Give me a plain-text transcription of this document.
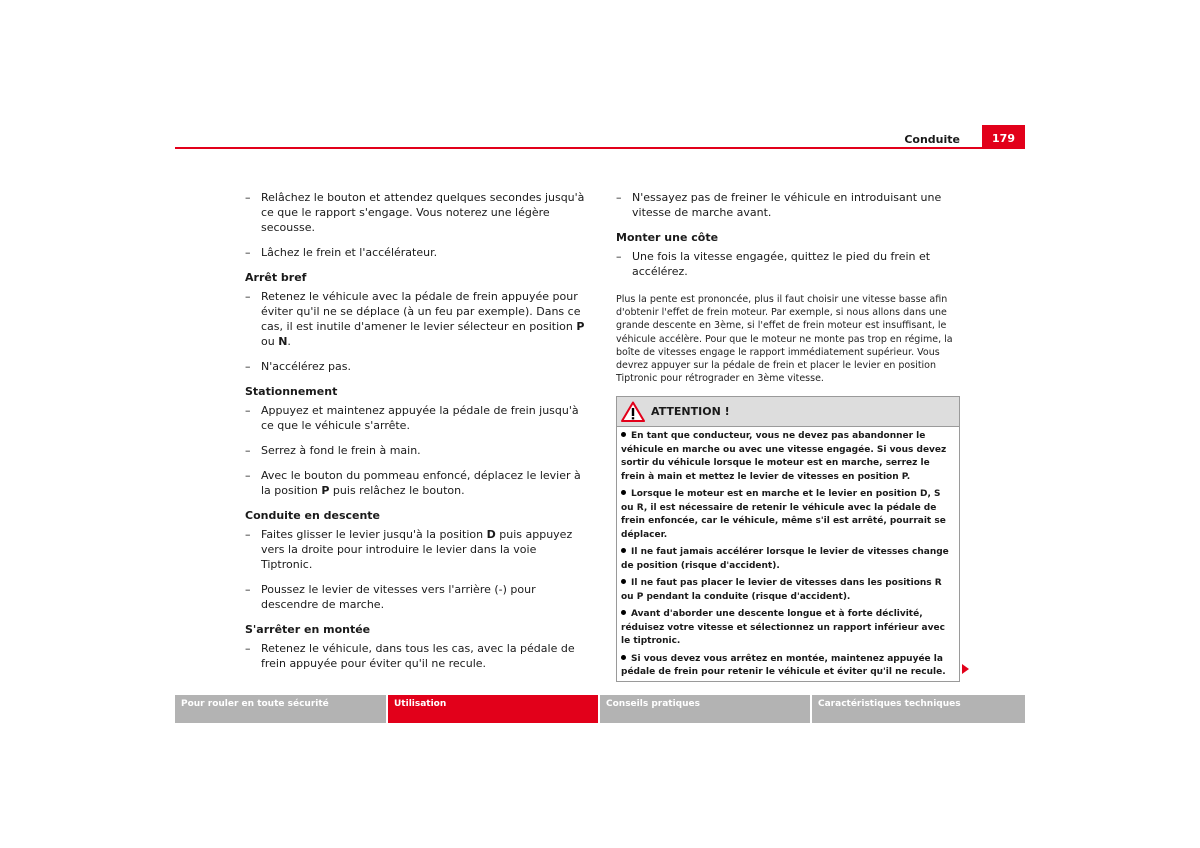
Conduite	179
– Relâchez le bouton et attendez quelques secondes jusqu'à ce que le rapport s'engage. Vous noterez une légère secousse.
– Lâchez le frein et l'accélérateur.
Arrêt bref
– Retenez le véhicule avec la pédale de frein appuyée pour éviter qu'il ne se déplace (à un feu par exemple). Dans ce cas, il est inutile d'amener le levier sélecteur en position P ou N.
– N'accélérez pas.
Stationnement
– Appuyez et maintenez appuyée la pédale de frein jusqu'à ce que le véhicule s'arrête.
– Serrez à fond le frein à main.
– Avec le bouton du pommeau enfoncé, déplacez le levier à la position P puis relâchez le bouton.
Conduite en descente
– Faites glisser le levier jusqu'à la position D puis appuyez vers la droite pour introduire le levier dans la voie Tiptronic.
– Poussez le levier de vitesses vers l'arrière (-) pour descendre de marche.
S'arrêter en montée
– Retenez le véhicule, dans tous les cas, avec la pédale de frein appuyée pour éviter qu'il ne recule.
– N'essayez pas de freiner le véhicule en introduisant une vitesse de marche avant.
Monter une côte
– Une fois la vitesse engagée, quittez le pied du frein et accélérez.
Plus la pente est prononcée, plus il faut choisir une vitesse basse afin d'obtenir l'effet de frein moteur. Par exemple, si nous allons dans une grande descente en 3ème, si l'effet de frein moteur est insuffisant, le véhicule accélère. Pour que le moteur ne monte pas trop en régime, la boîte de vitesses engage le rapport immédiatement supérieur. Vous devrez appuyer sur la pédale de frein et placer le levier en position Tiptronic pour rétrograder en 3ème vitesse.
ATTENTION !
En tant que conducteur, vous ne devez pas abandonner le véhicule en marche ou avec une vitesse engagée. Si vous devez sortir du véhicule lorsque le moteur est en marche, serrez le frein à main et mettez le levier de vitesses en position P.
Lorsque le moteur est en marche et le levier en position D, S ou R, il est nécessaire de retenir le véhicule avec la pédale de frein enfoncée, car le véhicule, même s'il est arrêté, pourrait se déplacer.
Il ne faut jamais accélérer lorsque le levier de vitesses change de position (risque d'accident).
Il ne faut pas placer le levier de vitesses dans les positions R ou P pendant la conduite (risque d'accident).
Avant d'aborder une descente longue et à forte déclivité, réduisez votre vitesse et sélectionnez un rapport inférieur avec le tiptronic.
Si vous devez vous arrêtez en montée, maintenez appuyée la pédale de frein pour retenir le véhicule et éviter qu'il ne recule.
Pour rouler en toute sécurité	Utilisation	Conseils pratiques	Caractéristiques techniques
